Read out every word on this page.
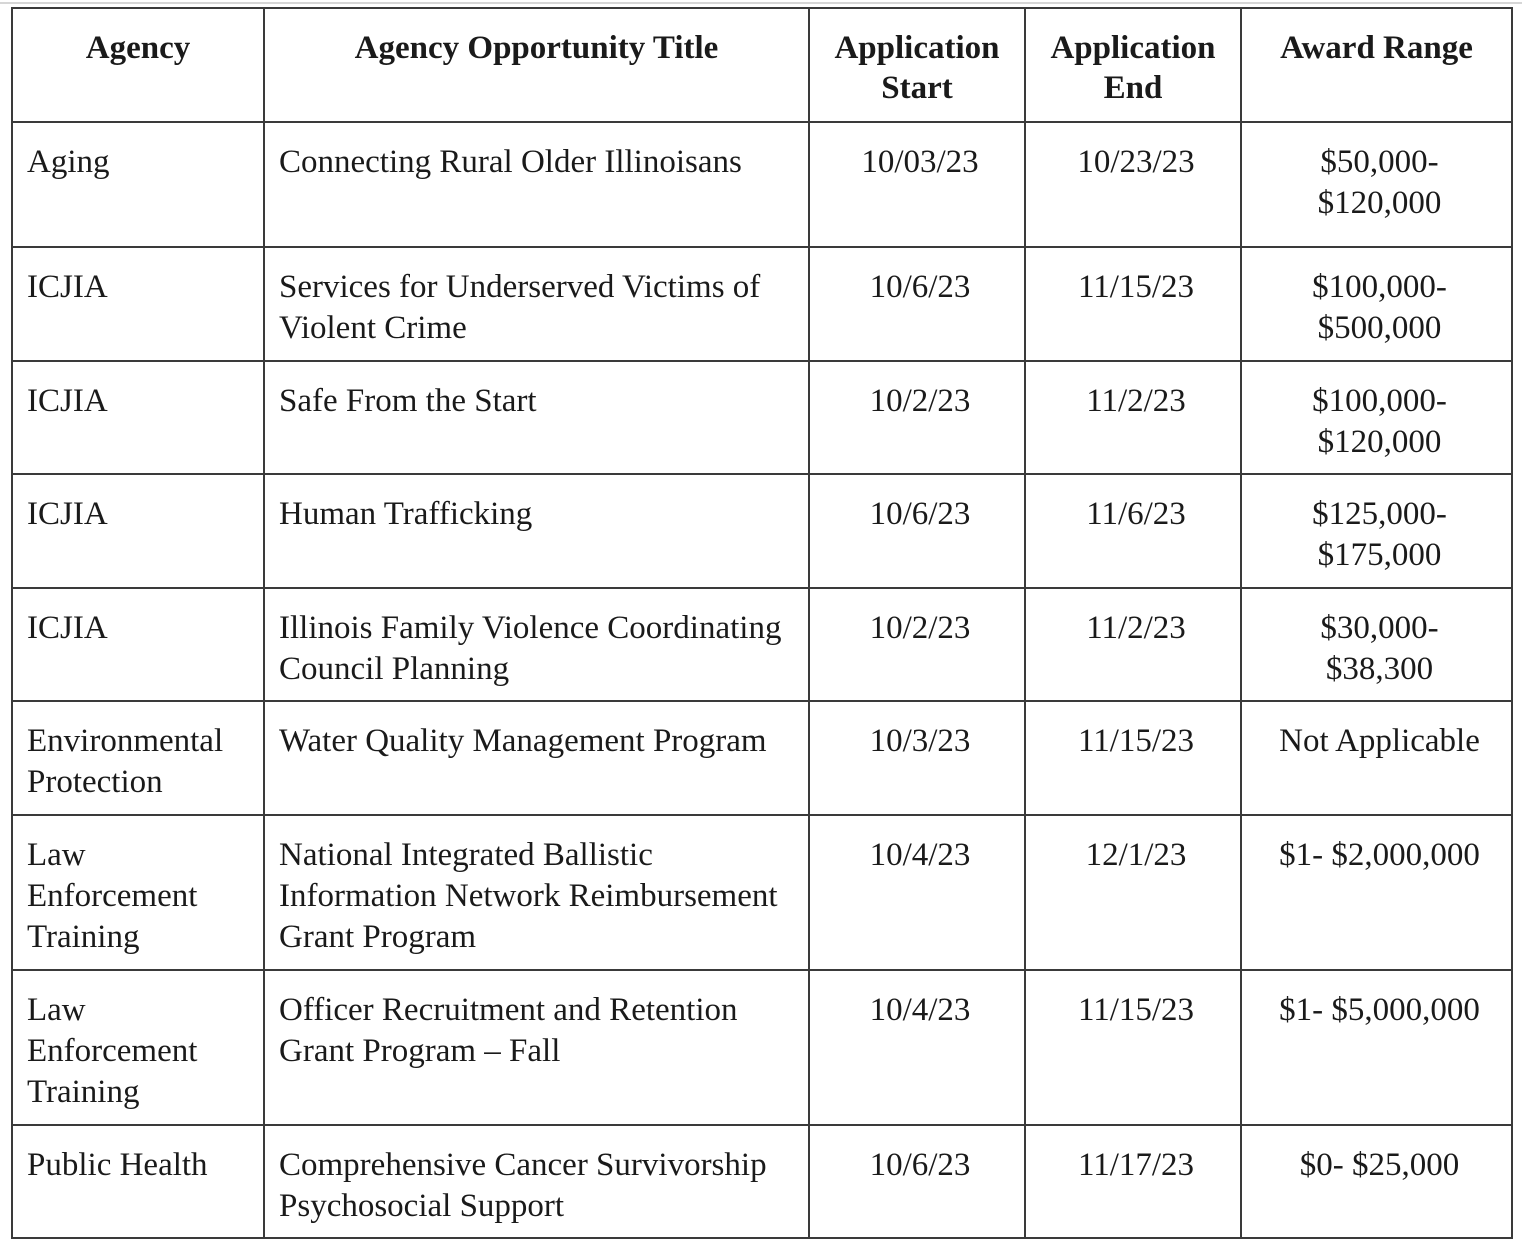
Agency	Agency Opportunity Title	Application Start	Application End	Award Range
Aging	Connecting Rural Older Illinoisans	10/03/23	10/23/23	$50,000-
$120,000
ICJIA	Services for Underserved Victims of Violent Crime	10/6/23	11/15/23	$100,000-
$500,000
ICJIA	Safe From the Start	10/2/23	11/2/23	$100,000-
$120,000
ICJIA	Human Trafficking	10/6/23	11/6/23	$125,000-
$175,000
ICJIA	Illinois Family Violence Coordinating Council Planning	10/2/23	11/2/23	$30,000-
$38,300
Environmental Protection	Water Quality Management Program	10/3/23	11/15/23	Not Applicable
Law Enforcement Training	National Integrated Ballistic Information Network Reimbursement Grant Program	10/4/23	12/1/23	$1- $2,000,000
Law Enforcement Training	Officer Recruitment and Retention Grant Program – Fall	10/4/23	11/15/23	$1- $5,000,000
Public Health	Comprehensive Cancer Survivorship Psychosocial Support	10/6/23	11/17/23	$0- $25,000
